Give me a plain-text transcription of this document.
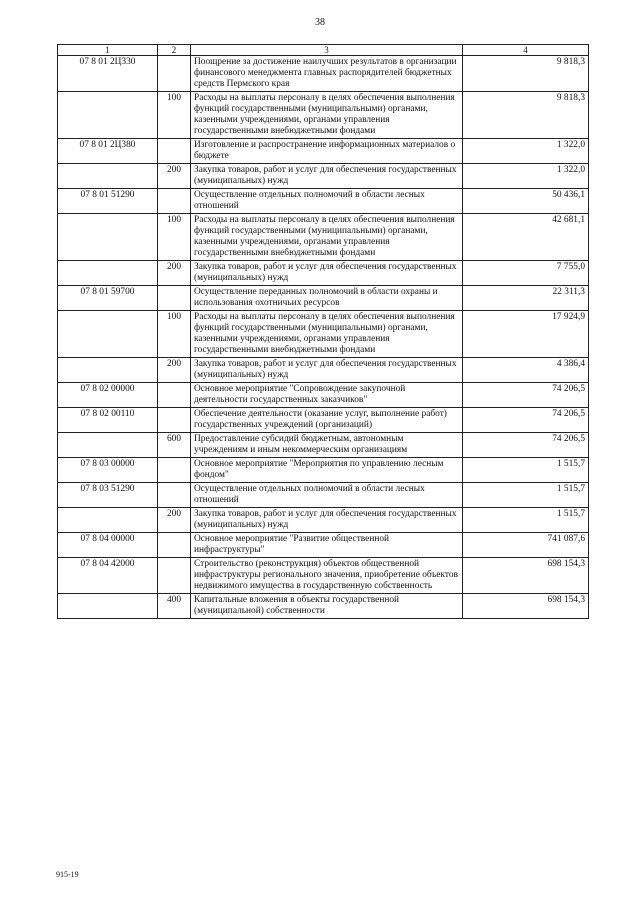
38
1	2	3	4
07 8 01 2Ц330		Поощрение за достижение наилучших результатов в организации финансового менеджмента главных распорядителей бюджетных средств Пермского края	9 818,3
	100	Расходы на выплаты персоналу в целях обеспечения выполнения функций государственными (муниципальными) органами, казенными учреждениями, органами управления государственными внебюджетными фондами	9 818,3
07 8 01 2Ц380		Изготовление и распространение информационных материалов о бюджете	1 322,0
	200	Закупка товаров, работ и услуг для обеспечения государственных (муниципальных) нужд	1 322,0
07 8 01 51290		Осуществление отдельных полномочий в области лесных отношений	50 436,1
	100	Расходы на выплаты персоналу в целях обеспечения выполнения функций государственными (муниципальными) органами, казенными учреждениями, органами управления государственными внебюджетными фондами	42 681,1
	200	Закупка товаров, работ и услуг для обеспечения государственных (муниципальных) нужд	7 755,0
07 8 01 59700		Осуществление переданных полномочий в области охраны и использования охотничьих ресурсов	22 311,3
	100	Расходы на выплаты персоналу в целях обеспечения выполнения функций государственными (муниципальными) органами, казенными учреждениями, органами управления государственными внебюджетными фондами	17 924,9
	200	Закупка товаров, работ и услуг для обеспечения государственных (муниципальных) нужд	4 386,4
07 8 02 00000		Основное мероприятие "Сопровождение закупочной деятельности государственных заказчиков"	74 206,5
07 8 02 00110		Обеспечение деятельности (оказание услуг, выполнение работ) государственных учреждений (организаций)	74 206,5
	600	Предоставление субсидий бюджетным, автономным учреждениям и иным некоммерческим организациям	74 206,5
07 8 03 00000		Основное мероприятие "Мероприятия по управлению лесным фондом"	1 515,7
07 8 03 51290		Осуществление отдельных полномочий в области лесных отношений	1 515,7
	200	Закупка товаров, работ и услуг для обеспечения государственных (муниципальных) нужд	1 515,7
07 8 04 00000		Основное мероприятие "Развитие общественной инфраструктуры"	741 087,6
07 8 04 42000		Строительство (реконструкция) объектов общественной инфраструктуры регионального значения, приобретение объектов недвижимого имущества в государственную собственность	698 154,3
	400	Капитальные вложения в объекты государственной (муниципальной) собственности	698 154,3
915-19
